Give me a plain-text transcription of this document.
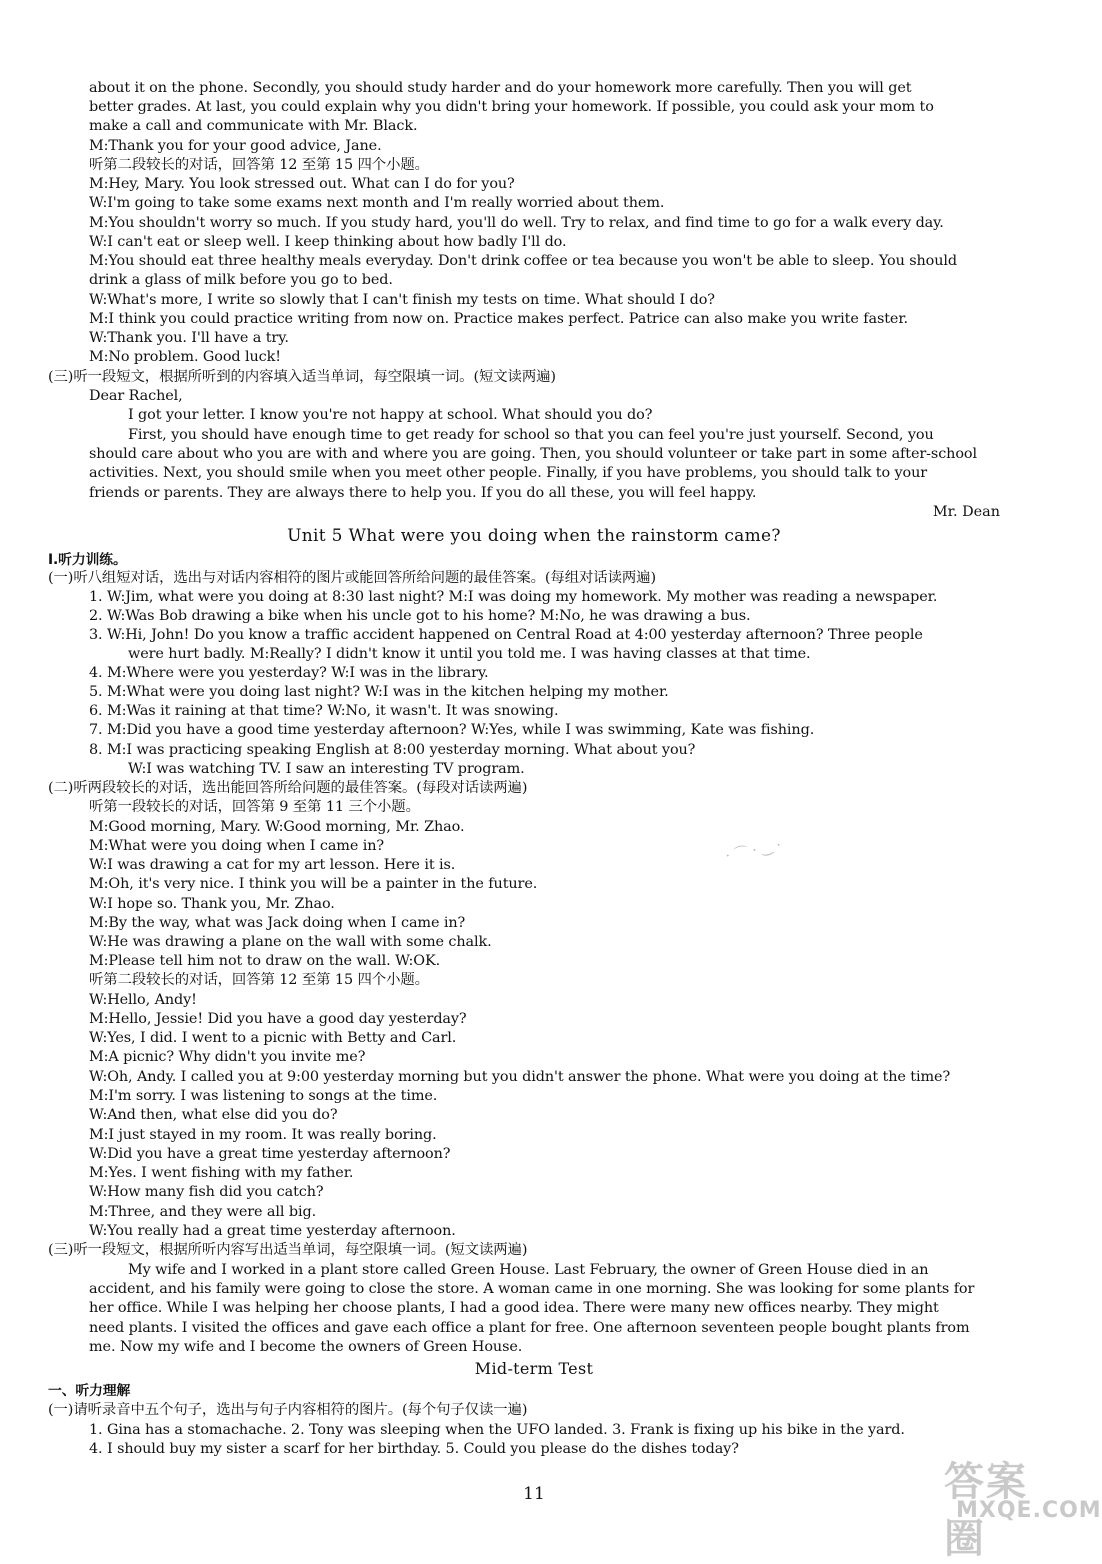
about it on the phone. Secondly, you should study harder and do your homework more carefully. Then you will get
better grades. At last, you could explain why you didn't bring your homework. If possible, you could ask your mom to
make a call and communicate with Mr. Black.
M:Thank you for your good advice, Jane.
听第二段较长的对话，回答第 12 至第 15 四个小题。
M:Hey, Mary. You look stressed out. What can I do for you?
W:I'm going to take some exams next month and I'm really worried about them.
M:You shouldn't worry so much. If you study hard, you'll do well. Try to relax, and find time to go for a walk every day.
W:I can't eat or sleep well. I keep thinking about how badly I'll do.
M:You should eat three healthy meals everyday. Don't drink coffee or tea because you won't be able to sleep. You should
drink a glass of milk before you go to bed.
W:What's more, I write so slowly that I can't finish my tests on time. What should I do?
M:I think you could practice writing from now on. Practice makes perfect. Patrice can also make you write faster.
W:Thank you. I'll have a try.
M:No problem. Good luck!
(三)听一段短文，根据所听到的内容填入适当单词，每空限填一词。(短文读两遍)
Dear Rachel,
I got your letter. I know you're not happy at school. What should you do?
First, you should have enough time to get ready for school so that you can feel you're just yourself. Second, you
should care about who you are with and where you are going. Then, you should volunteer or take part in some after-school
activities. Next, you should smile when you meet other people. Finally, if you have problems, you should talk to your
friends or parents. They are always there to help you. If you do all these, you will feel happy.
I.听力训练。
(一)听八组短对话，选出与对话内容相符的图片或能回答所给问题的最佳答案。(每组对话读两遍)
1. W:Jim, what were you doing at 8:30 last night? M:I was doing my homework. My mother was reading a newspaper.
2. W:Was Bob drawing a bike when his uncle got to his home? M:No, he was drawing a bus.
3. W:Hi, John! Do you know a traffic accident happened on Central Road at 4:00 yesterday afternoon? Three people
were hurt badly. M:Really? I didn't know it until you told me. I was having classes at that time.
4. M:Where were you yesterday? W:I was in the library.
5. M:What were you doing last night? W:I was in the kitchen helping my mother.
6. M:Was it raining at that time? W:No, it wasn't. It was snowing.
7. M:Did you have a good time yesterday afternoon? W:Yes, while I was swimming, Kate was fishing.
8. M:I was practicing speaking English at 8:00 yesterday morning. What about you?
W:I was watching TV. I saw an interesting TV program.
(二)听两段较长的对话，选出能回答所给问题的最佳答案。(每段对话读两遍)
听第一段较长的对话，回答第 9 至第 11 三个小题。
M:Good morning, Mary. W:Good morning, Mr. Zhao.
M:What were you doing when I came in?
W:I was drawing a cat for my art lesson. Here it is.
M:Oh, it's very nice. I think you will be a painter in the future.
W:I hope so. Thank you, Mr. Zhao.
M:By the way, what was Jack doing when I came in?
W:He was drawing a plane on the wall with some chalk.
M:Please tell him not to draw on the wall. W:OK.
听第二段较长的对话，回答第 12 至第 15 四个小题。
W:Hello, Andy!
M:Hello, Jessie! Did you have a good day yesterday?
W:Yes, I did. I went to a picnic with Betty and Carl.
M:A picnic? Why didn't you invite me?
W:Oh, Andy. I called you at 9:00 yesterday morning but you didn't answer the phone. What were you doing at the time?
M:I'm sorry. I was listening to songs at the time.
W:And then, what else did you do?
M:I just stayed in my room. It was really boring.
W:Did you have a great time yesterday afternoon?
M:Yes. I went fishing with my father.
W:How many fish did you catch?
M:Three, and they were all big.
W:You really had a great time yesterday afternoon.
(三)听一段短文，根据所听内容写出适当单词，每空限填一词。(短文读两遍)
My wife and I worked in a plant store called Green House. Last February, the owner of Green House died in an
accident, and his family were going to close the store. A woman came in one morning. She was looking for some plants for
her office. While I was helping her choose plants, I had a good idea. There were many new offices nearby. They might
need plants. I visited the offices and gave each office a plant for free. One afternoon seventeen people bought plants from
me. Now my wife and I become the owners of Green House.
一、听力理解
(一)请听录音中五个句子，选出与句子内容相符的图片。(每个句子仅读一遍)
1. Gina has a stomachache. 2. Tony was sleeping when the UFO landed. 3. Frank is fixing up his bike in the yard.
4. I should buy my sister a scarf for her birthday. 5. Could you please do the dishes today?
Mr. Dean
Unit 5 What were you doing when the rainstorm came?
Mid-term Test
11
· ⌒ · ‿ ·
答案圈
MXQE.COM
